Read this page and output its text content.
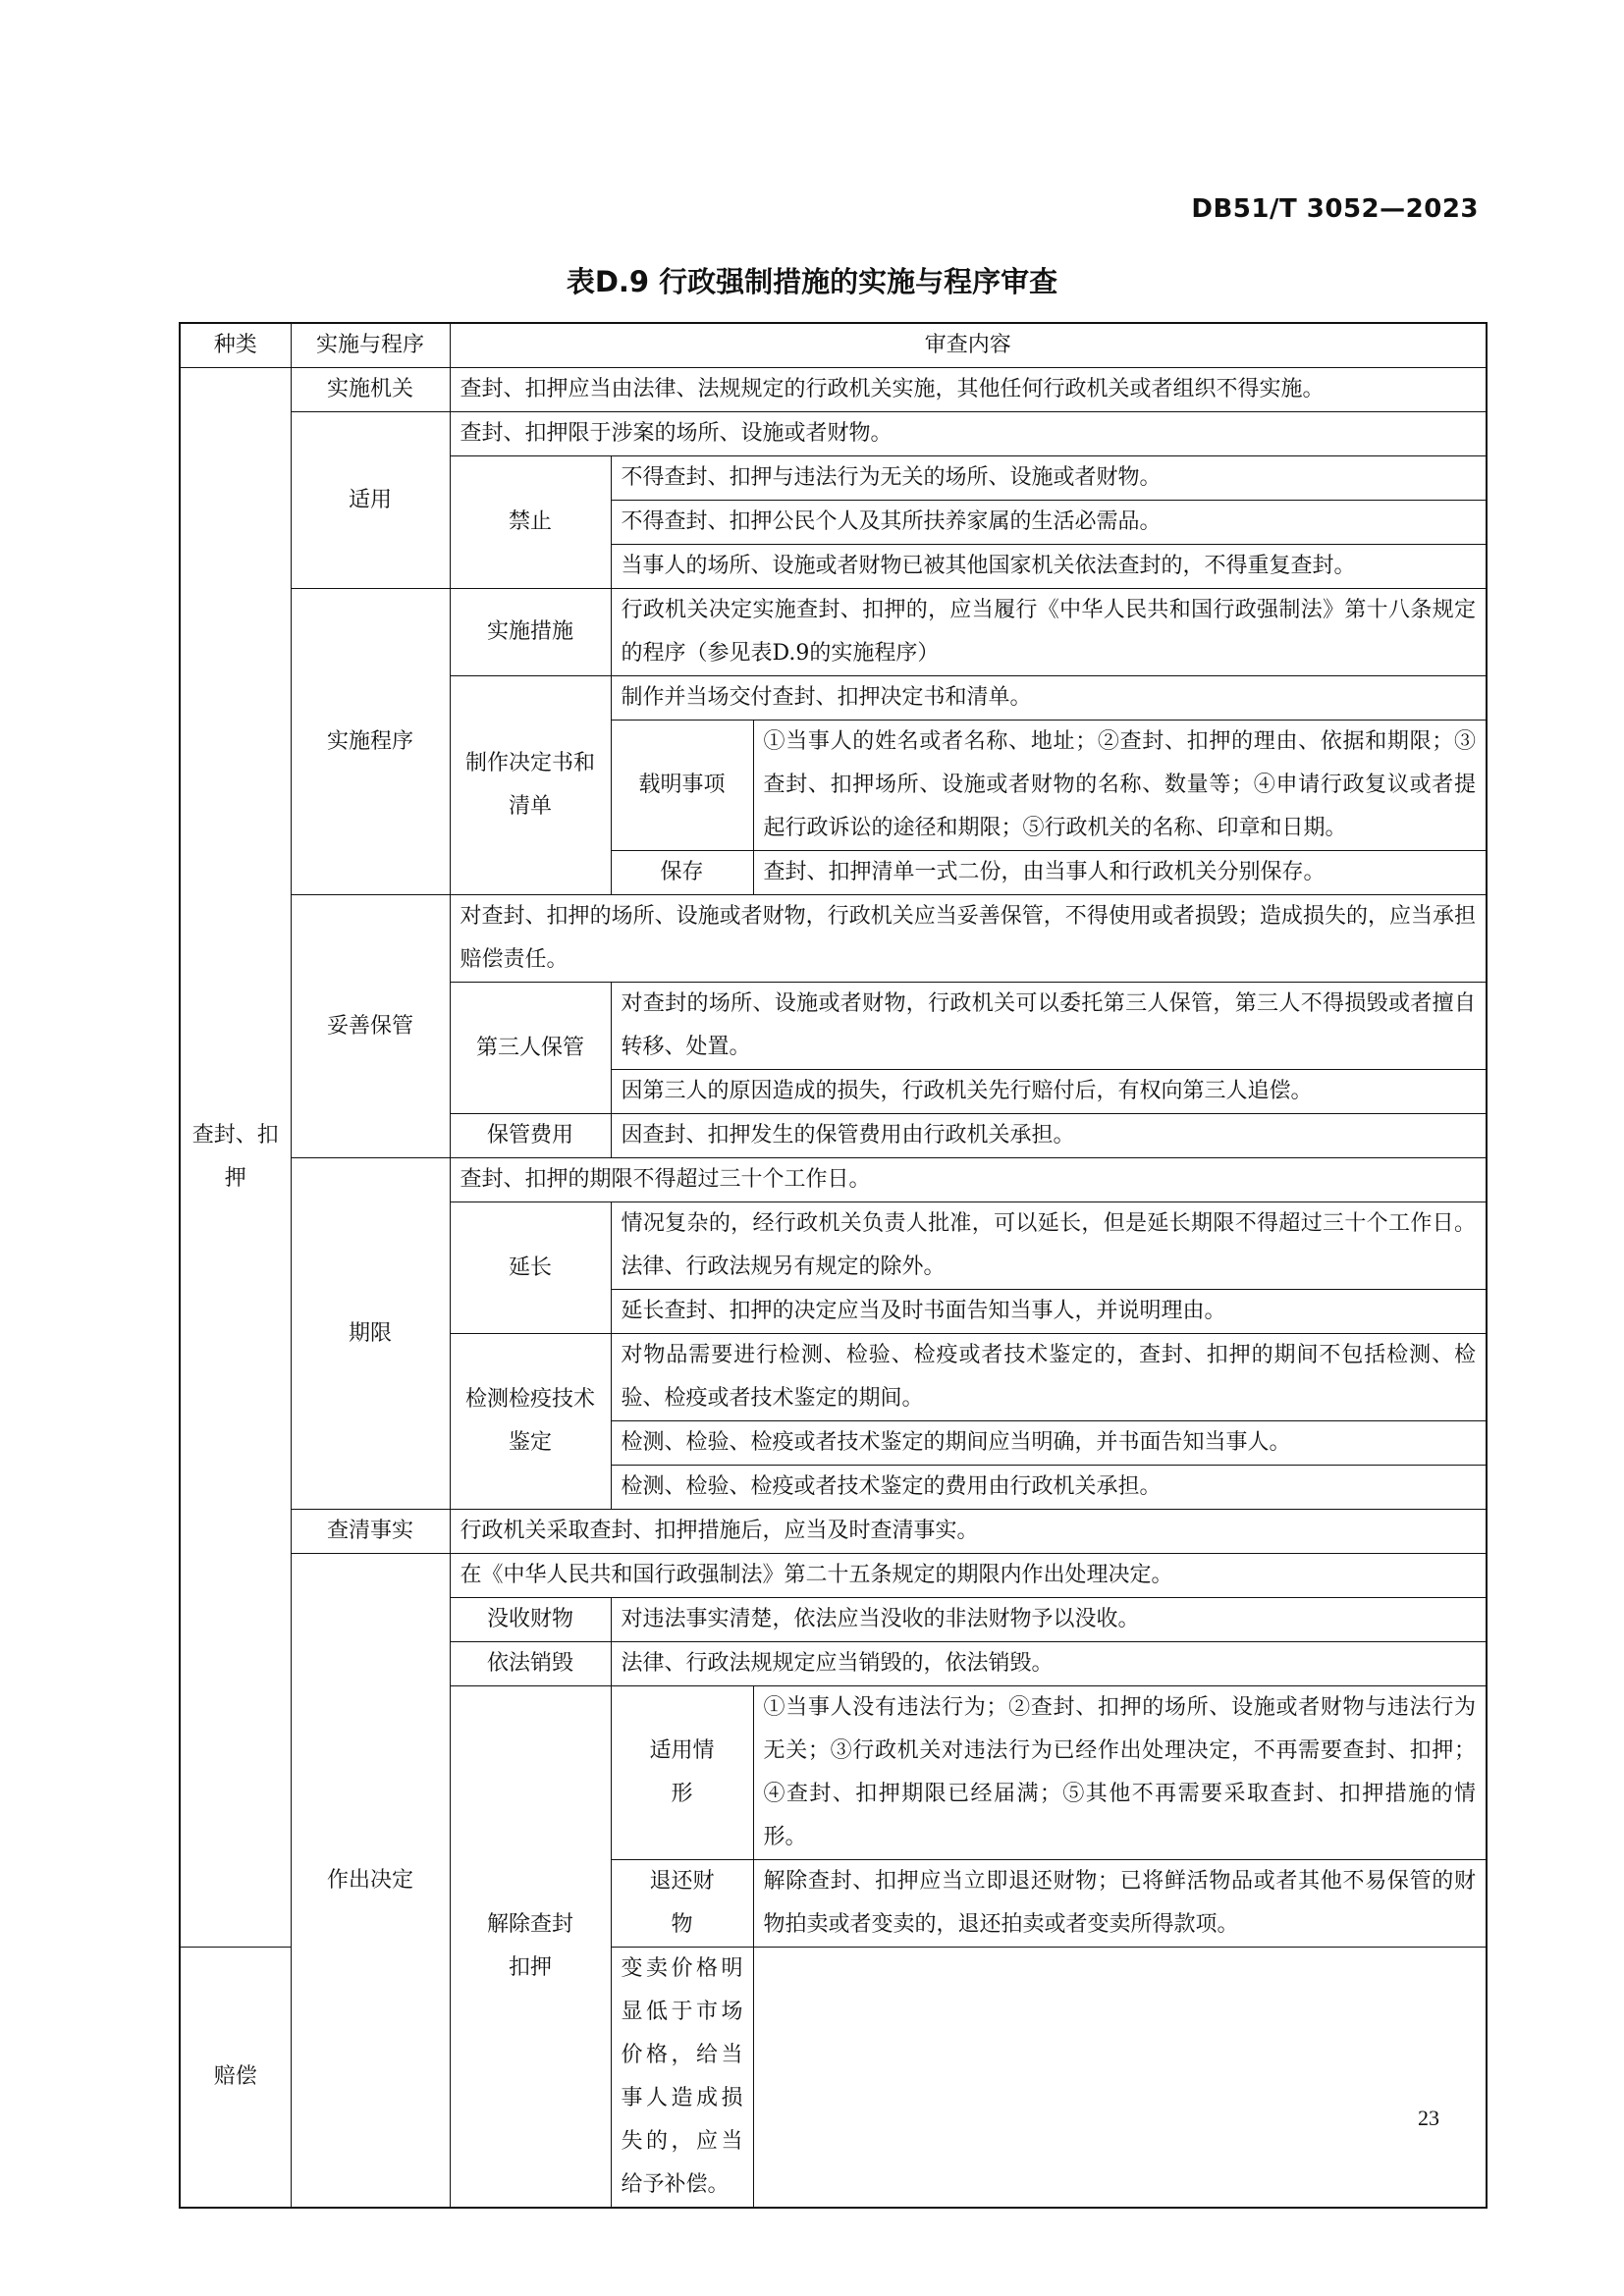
DB51/T 3052—2023
表D.9 行政强制措施的实施与程序审查
种类	实施与程序	审查内容		
查封、扣押	实施机关	查封、扣押应当由法律、法规规定的行政机关实施，其他任何行政机关或者组织不得实施。		
	适用	查封、扣押限于涉案的场所、设施或者财物。		
		禁止	不得查封、扣押与违法行为无关的场所、设施或者财物。	
			不得查封、扣押公民个人及其所扶养家属的生活必需品。	
			当事人的场所、设施或者财物已被其他国家机关依法查封的，不得重复查封。	
	实施程序	实施措施	行政机关决定实施查封、扣押的，应当履行《中华人民共和国行政强制法》第十八条规定的程序（参见表D.9的实施程序）	

		制作决定书和清单	制作并当场交付查封、扣押决定书和清单。	
			载明事项	①当事人的姓名或者名称、地址；②查封、扣押的理由、依据和期限；③查封、扣押场所、设施或者财物的名称、数量等；④申请行政复议或者提起行政诉讼的途径和期限；⑤行政机关的名称、印章和日期。

			保存	查封、扣押清单一式二份，由当事人和行政机关分别保存。
	妥善保管	对查封、扣押的场所、设施或者财物，行政机关应当妥善保管，不得使用或者损毁；造成损失的，应当承担赔偿责任。		

		第三人保管	对查封的场所、设施或者财物，行政机关可以委托第三人保管，第三人不得损毁或者擅自转移、处置。	

			因第三人的原因造成的损失，行政机关先行赔付后，有权向第三人追偿。	
		保管费用	因查封、扣押发生的保管费用由行政机关承担。	
	期限	查封、扣押的期限不得超过三十个工作日。		
		延长	情况复杂的，经行政机关负责人批准，可以延长，但是延长期限不得超过三十个工作日。法律、行政法规另有规定的除外。	

			延长查封、扣押的决定应当及时书面告知当事人，并说明理由。	
		检测检疫技术鉴定	对物品需要进行检测、检验、检疫或者技术鉴定的，查封、扣押的期间不包括检测、检验、检疫或者技术鉴定的期间。	

			检测、检验、检疫或者技术鉴定的期间应当明确，并书面告知当事人。	
			检测、检验、检疫或者技术鉴定的费用由行政机关承担。	
	查清事实	行政机关采取查封、扣押措施后，应当及时查清事实。		
	作出决定	在《中华人民共和国行政强制法》第二十五条规定的期限内作出处理决定。		
		没收财物	对违法事实清楚，依法应当没收的非法财物予以没收。	
		依法销毁	法律、行政法规规定应当销毁的，依法销毁。	
		解除查封扣押	适用情形	①当事人没有违法行为；②查封、扣押的场所、设施或者财物与违法行为无关；③行政机关对违法行为已经作出处理决定，不再需要查封、扣押；④查封、扣押期限已经届满；⑤其他不再需要采取查封、扣押措施的情形。

			退还财物	解除查封、扣押应当立即退还财物；已将鲜活物品或者其他不易保管的财物拍卖或者变卖的，退还拍卖或者变卖所得款项。

赔偿			变卖价格明显低于市场价格，给当事人造成损失的，应当给予补偿。	
23
